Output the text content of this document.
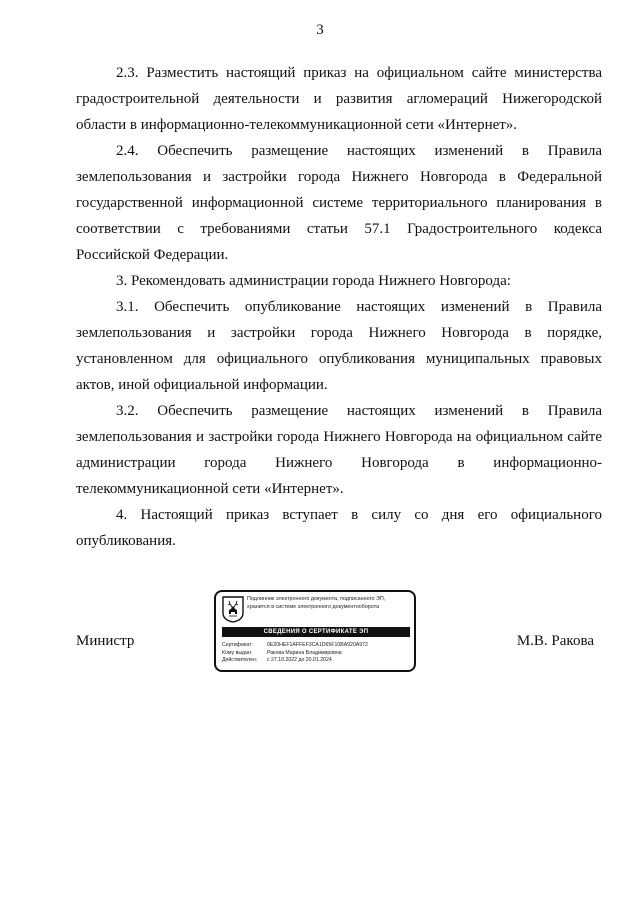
3

2.3. Разместить настоящий приказ на официальном сайте министерства градостроительной деятельности и развития агломераций Нижегородской области в информационно-телекоммуникационной сети «Интернет».

2.4. Обеспечить размещение настоящих изменений в Правила землепользования и застройки города Нижнего Новгорода в Федеральной государственной информационной системе территориального планирования в соответствии с требованиями статьи 57.1 Градостроительного кодекса Российской Федерации.

3. Рекомендовать администрации города Нижнего Новгорода:

3.1. Обеспечить опубликование настоящих изменений в Правила землепользования и застройки города Нижнего Новгорода в порядке, установленном для официального опубликования муниципальных правовых актов, иной официальной информации.

3.2. Обеспечить размещение настоящих изменений в Правила землепользования и застройки города Нижнего Новгорода на официальном сайте администрации города Нижнего Новгорода в информационно-телекоммуникационной сети «Интернет».

4. Настоящий приказ вступает в силу со дня его официального опубликования.

Министр
Подлинник электронного документа, подписанного ЭП,
хранится в системе электронного документооборота
СВЕДЕНИЯ О СЕРТИФИКАТЕ ЭП
Сертификат:	0E20HEF1AFFEF3CA1D65F10BA920A972
Кому выдан:	Ракова Марина Владимировна
Действителен: с 27.10.2022 до 20.01.2024
М.В. Ракова
